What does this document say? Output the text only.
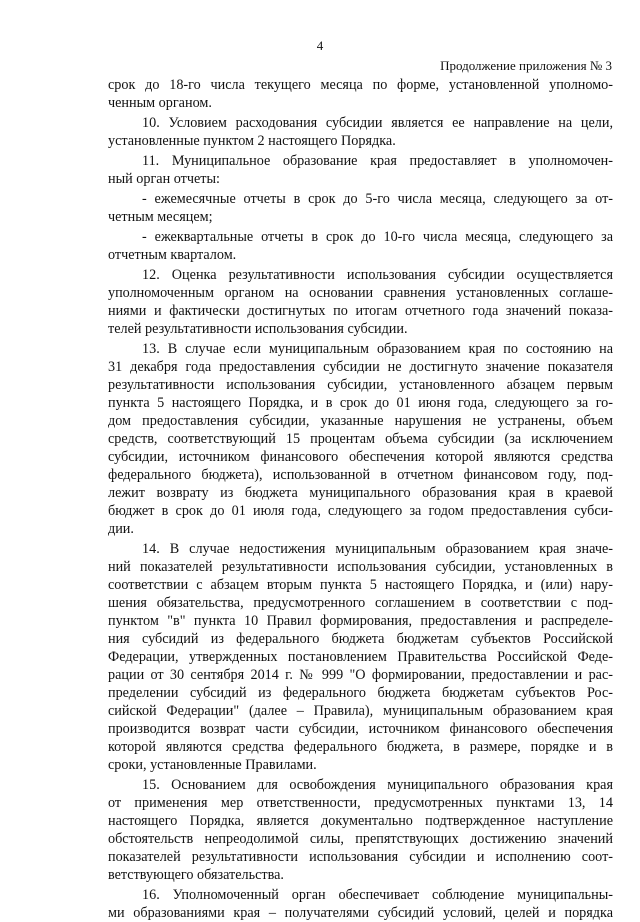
4
Продолжение приложения № 3
срок до 18-го числа текущего месяца по форме, установленной уполномо-
ченным органом.
10. Условием расходования субсидии является ее направление на цели,
установленные пунктом 2 настоящего Порядка.
11. Муниципальное образование края предоставляет в уполномочен-
ный орган отчеты:
- ежемесячные отчеты в срок до 5-го числа месяца, следующего за от-
четным месяцем;
- ежеквартальные отчеты в срок до 10-го числа месяца, следующего за
отчетным кварталом.
12. Оценка результативности использования субсидии осуществляется
уполномоченным органом на основании сравнения установленных соглаше-
ниями и фактически достигнутых по итогам отчетного года значений показа-
телей результативности использования субсидии.
13. В случае если муниципальным образованием края по состоянию на
31 декабря года предоставления субсидии не достигнуто значение показателя
результативности использования субсидии, установленного абзацем первым
пункта 5 настоящего Порядка, и в срок до 01 июня года, следующего за го-
дом предоставления субсидии, указанные нарушения не устранены, объем
средств, соответствующий 15 процентам объема субсидии (за исключением
субсидии, источником финансового обеспечения которой являются средства
федерального бюджета), использованной в отчетном финансовом году, под-
лежит возврату из бюджета муниципального образования края в краевой
бюджет в срок до 01 июля года, следующего за годом предоставления субси-
дии.
14. В случае недостижения муниципальным образованием края значе-
ний показателей результативности использования субсидии, установленных в
соответствии с абзацем вторым пункта 5 настоящего Порядка, и (или) нару-
шения обязательства, предусмотренного соглашением в соответствии с под-
пунктом "в" пункта 10 Правил формирования, предоставления и распределе-
ния субсидий из федерального бюджета бюджетам субъектов Российской
Федерации, утвержденных постановлением Правительства Российской Феде-
рации от 30 сентября 2014 г. № 999 "О формировании, предоставлении и рас-
пределении субсидий из федерального бюджета бюджетам субъектов Рос-
сийской Федерации" (далее – Правила), муниципальным образованием края
производится возврат части субсидии, источником финансового обеспечения
которой являются средства федерального бюджета, в размере, порядке и в
сроки, установленные Правилами.
15. Основанием для освобождения муниципального образования края
от применения мер ответственности, предусмотренных пунктами 13, 14
настоящего Порядка, является документально подтвержденное наступление
обстоятельств непреодолимой силы, препятствующих достижению значений
показателей результативности использования субсидии и исполнению соот-
ветствующего обязательства.
16. Уполномоченный орган обеспечивает соблюдение муниципальны-
ми образованиями края – получателями субсидий условий, целей и порядка
